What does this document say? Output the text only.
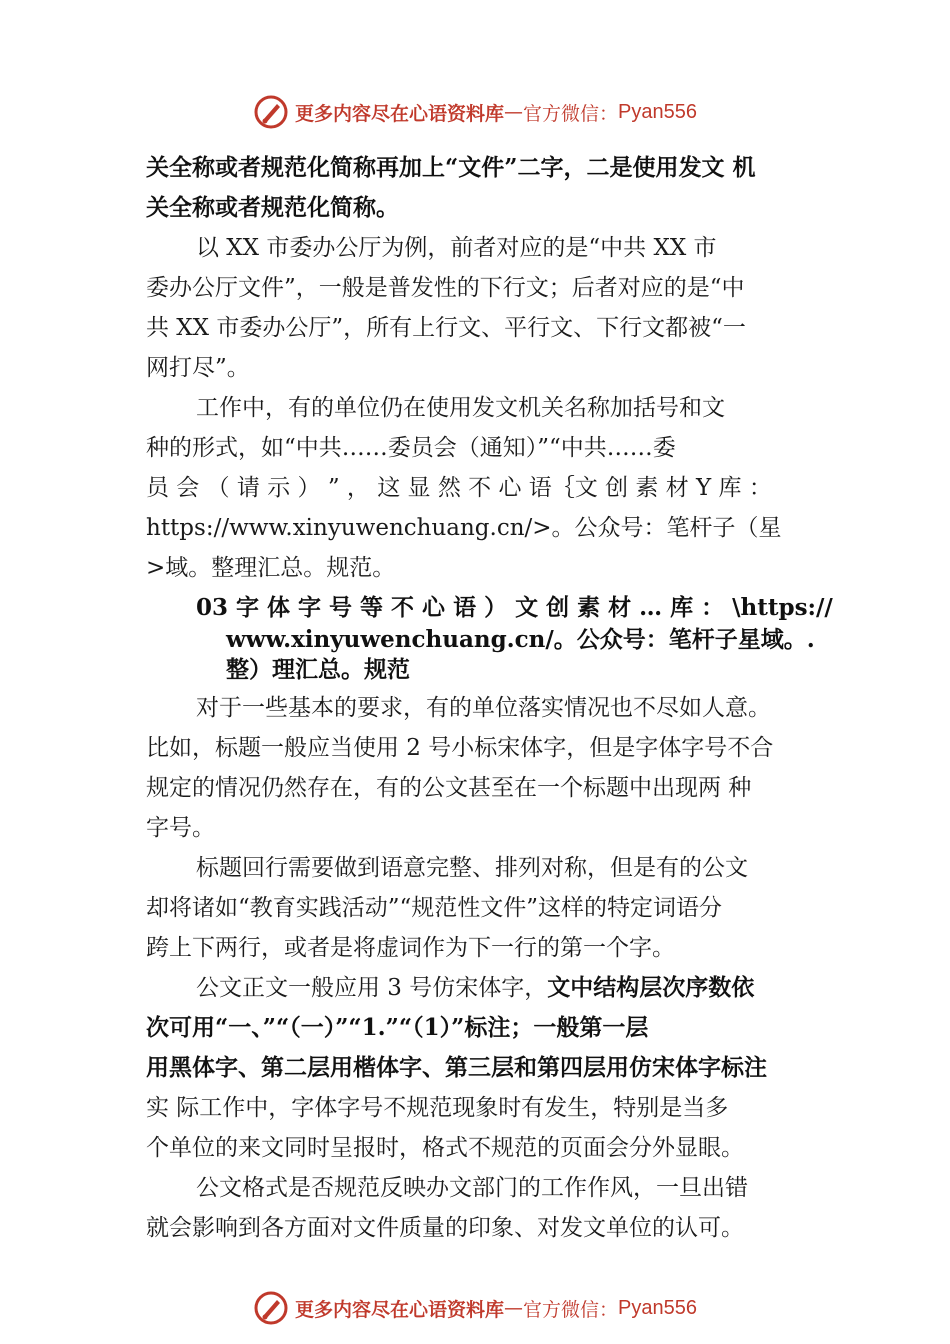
更多内容尽在心语资料库 — 官方微信： Pyan556
关全称或者规范化简称再加上“文件”二字，二是使用发文 机
关全称或者规范化简称。
以 XX 市委办公厅为例，前者对应的是“中共 XX 市
委办公厅文件”，一般是普发性的下行文；后者对应的是“中
共 XX 市委办公厅”，所有上行文、平行文、下行文都被“一
网打尽”。
工作中，有的单位仍在使用发文机关名称加括号和文
种的形式，如“中共……委员会（通知）”“中共……委
员 会 （ 请 示 ） ” ， 这 显 然 不 心 语｛文 创 素 材 Y 库 ：
https://www.xinyuwenchuang.cn/>。公众号：笔杆子（星
>域。整理汇总。规范。
03 字 体 字 号 等 不 心 语 ） 文 创 素 材 … 库 ： \https://
www.xinyuwenchuang.cn/。公众号：笔杆子星域。.
整）理汇总。规范
对于一些基本的要求，有的单位落实情况也不尽如人意。
比如，标题一般应当使用 2 号小标宋体字，但是字体字号不合
规定的情况仍然存在，有的公文甚至在一个标题中出现两 种
字号。
标题回行需要做到语意完整、排列对称，但是有的公文
却将诸如“教育实践活动”“规范性文件”这样的特定词语分
跨上下两行，或者是将虚词作为下一行的第一个字。
公文正文一般应用 3 号仿宋体字，文中结构层次序数依
次可用“一、”“（一）”“1.”“（1）”标注；一般第一层
用黑体字、第二层用楷体字、第三层和第四层用仿宋体字标注
实 际工作中，字体字号不规范现象时有发生，特别是当多
个单位的来文同时呈报时，格式不规范的页面会分外显眼。
公文格式是否规范反映办文部门的工作作风，一旦出错
就会影响到各方面对文件质量的印象、对发文单位的认可。
更多内容尽在心语资料库 — 官方微信： Pyan556
